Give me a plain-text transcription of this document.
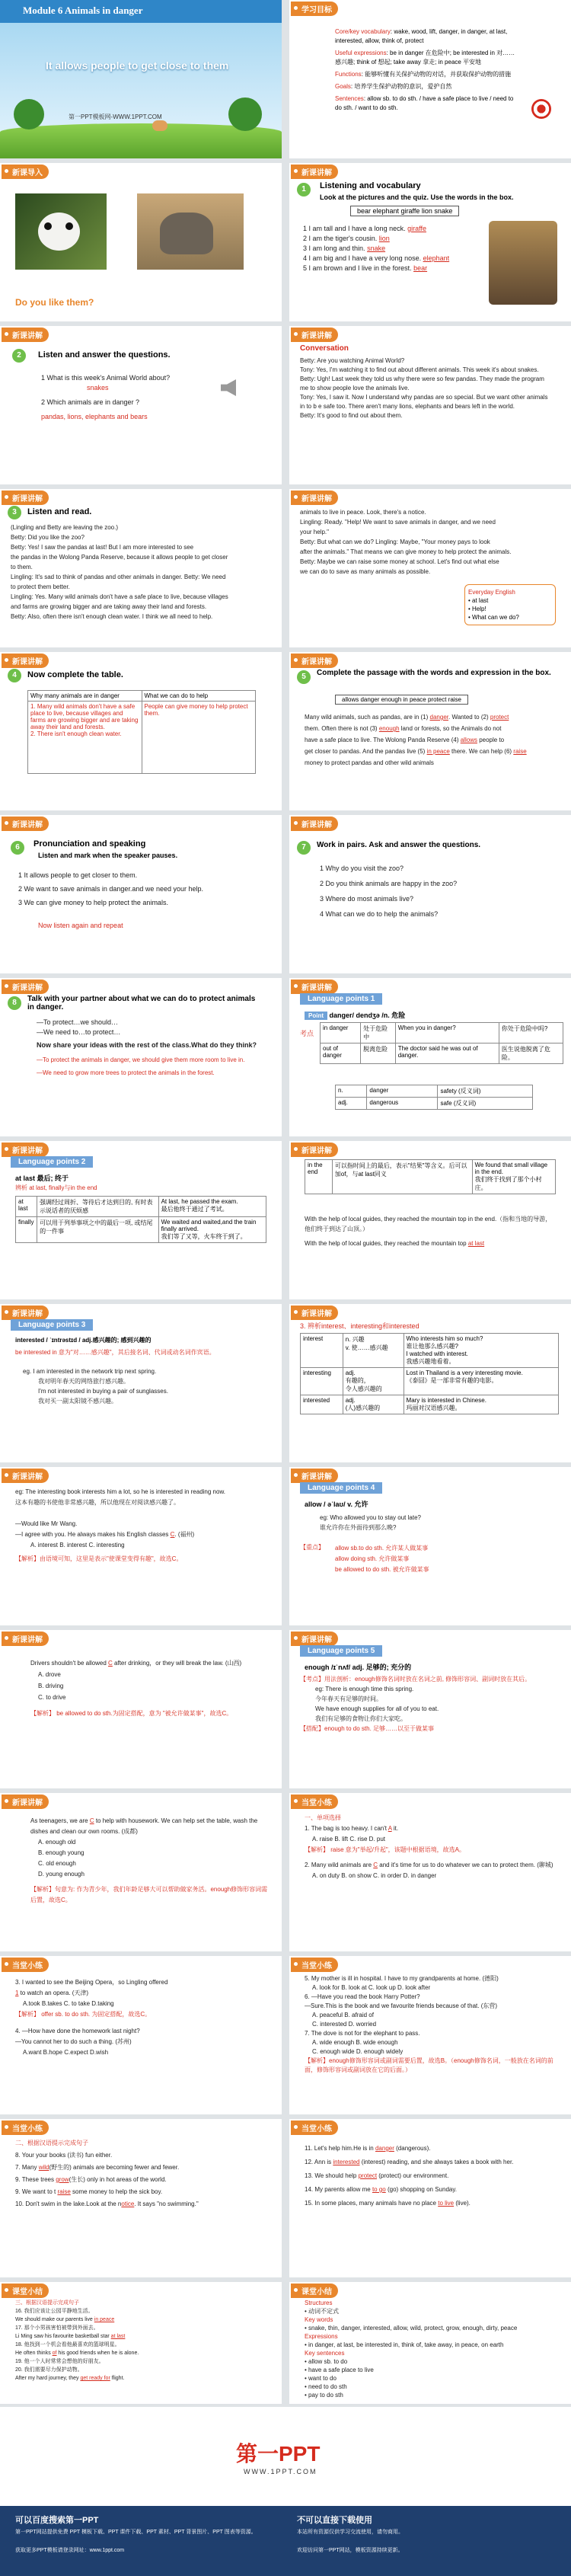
Module 6 Animals in danger
It allows people to get close to them
第一PPT模板网-WWW.1PPT.COM
学习目标
Core/key vocabulary: wake, wood, lift, danger, in danger, at last, interested, allow, think of, protect
Useful expressions: be in danger 在危险中; be interested in 对……感兴趣; think of 想起; take away 拿走; in peace 平安地
Functions: 能够听懂有关保护动物的对话，并获取保护动物的措施
Goals: 培养学生保护动物的意识，爱护自然
Sentences: allow sb. to do sth. / have a safe place to live / need to do sth. / want to do sth.
新课导入
Do you like them?
新课讲解
1	Listening and vocabulary
Look at the pictures and the quiz. Use the words in the box.
bear elephant giraffe lion snake
1 I am tall and I have a long neck. giraffe
2 I am the tiger's cousin. lion
3 I am long and thin. snake
4 I am big and I have a very long nose. elephant
5 I am brown and I live in the forest. bear
新课讲解
2	Listen and answer the questions.
1 What is this week's Animal World about?
snakes
2 Which animals are in danger ?
pandas, lions, elephants and bears
新课讲解
Conversation
Betty: Are you watching Animal World?
Tony: Yes, I'm watching it to find out about different animals. This week it's about snakes.
Betty: Ugh! Last week they told us why there were so few pandas. They made the program
me to show people love the animals live.
Tony: Yes, I saw it. Now I understand why pandas are so special. But we want other animals
in to b e safe too. There aren't many lions, elephants and bears left in the world.
Betty: It's good to find out about them.
新课讲解
3	Listen and read.
(Lingling and Betty are leaving the zoo.)
Betty: Did you like the zoo?
Betty: Yes! I saw the pandas at last! But I am more interested to see
the pandas in the Wolong Panda Reserve, because it allows people to get closer
to them.
Lingling: It's sad to think of pandas and other animals in danger. Betty: We need
to protect them better.
Lingling: Yes. Many wild animals don't have a safe place to live, because villages
and farms are growing bigger and are taking away their land and forests.
Betty: Also, often there isn't enough clean water. I think we all need to help.
新课讲解
animals to live in peace. Look, there's a notice.
Lingling: Ready. "Help! We want to save animals in danger, and we need
your help."
Betty: But what can we do? Lingling: Maybe, "Your money pays to look
after the animals." That means we can give money to help protect the animals.
Betty: Maybe we can raise some money at school. Let's find out what else
we can do to save as many animals as possible.
Everyday English
• at last
• Help!
• What can we do?
新课讲解
4	Now complete the table.
Why many animals are in danger	What we can do to help
1. Many wild animals don't have a safe place to live, because villages and farms are growing bigger and are taking away their land and forests.
2. There isn't enough clean water.	People can give money to help protect them.
新课讲解
5	Complete the passage with the words and expression in the box.
allows danger enough in peace protect raise
Many wild animals, such as pandas, are in (1) danger. Wanted to (2) protect
them. Often there is not (3) enough land or forests, so the Animals do not
have a safe place to live. The Wolong Panda Reserve (4) allows people to
get closer to pandas. And the pandas live (5) in peace there. We can help (6) raise
money to protect pandas and other wild animals
新课讲解
6	Pronunciation and speaking
Listen and mark when the speaker pauses.
1 It allows people to get closer to them.
2 We want to save animals in danger.and we need your help.
3 We can give money to help protect the animals.
Now listen again and repeat
新课讲解
7	Work in pairs. Ask and answer the questions.
1 Why do you visit the zoo?
2 Do you think animals are happy in the zoo?
3 Where do most animals live?
4 What can we do to help the animals?
新课讲解
8	Talk with your partner about what we can do to protect animals in danger.
—To protect…we should…
—We need to…to protect…
Now share your ideas with the rest of the class.What do they think?
—To protect the animals in danger, we should give them more room to live in.
—We need to grow more trees to protect the animals in the forest.
新课讲解
Language points 1
Point danger/ dendʒə /n. 危险
考点
in danger	处于危险中	When you in danger?	你处于危险中吗?
out of danger	脱离危险	The doctor said he was out of danger.	医生说他脱离了危险。
n.	danger	safety (反义词)
adj.	dangerous	safe (反义词)
新课讲解
Language points 2
at last 最后; 终于
辨析 at last, finally与in the end
at last	强调经过周折、等待后才达到目的, 有时表示说话者的厌烦感	At last, he passed the exam.
最后他终于通过了考试。
finally	可以用于列举事项之中的最后一项, 或结尾的一件事	We waited and waited,and the train finally arrived.
我们等了又等，火车终于到了。
新课讲解
in the end	可以指时间上的最后，表示"结果"等含义。后可以加of，与at last同义	We found that small village in the end.
我们终于找到了那个小村庄。
With the help of local guides, they reached the mountain top in the end.（指和当地的导游，他们终于到达了山顶。）
With the help of local guides, they reached the mountain top at last
新课讲解
Language points 3
interested / ˈɪntrəstɪd / adj.感兴趣的; 感到兴趣的
be interested in 意为"对……感兴趣"，其后接名词、代词或动名词作宾语。
eg. I am interested in the network trip next spring.
我对明年春天的网络旅行感兴趣。
I'm not interested in buying a pair of sunglasses.
我对买一副太阳镜不感兴趣。
新课讲解
3. 辨析interest、interesting和interested
interest	n. 兴趣
v. 使……感兴趣	Who interests him so much?
谁让他那么感兴趣?
I watched with interest.
我感兴趣地看着。
interesting	adj.
有趣的，
令人感兴趣的	Lost in Thailand is a very interesting movie.
《泰囧》是一部非常有趣的电影。
interested	adj.
(人)感兴趣的	Mary is interested in Chinese.
玛丽对汉语感兴趣。
新课讲解
eg: The interesting book interests him a lot, so he is interested in reading now.
这本有趣的书使他非常感兴趣，所以他现在对阅读感兴趣了。
—Would like Mr Wang.
—I agree with you. He always makes his English classes C. (福州)
A. interest B. interest C. interesting
【解析】由语境可知，这里是表示"使课堂变得有趣"，故选C。
新课讲解
Language points 4
allow / əˈlaʊ/ v. 允许
eg: Who allowed you to stay out late?
谁允许你在外面待到那么晚?
【重点】 allow sb.to do sth. 允许某人做某事
allow doing sth. 允许做某事
be allowed to do sth. 被允许做某事
新课讲解
Drivers shouldn't be allowed C after drinking，or they will break the law. (山西)
A. drove
B. driving
C. to drive
【解析】 be allowed to do sth.为固定搭配，意为 "被允许做某事"，故选C。
新课讲解
Language points 5
enough /ɪˈnʌf/ adj. 足够的; 充分的
【考点】用法剖析：enough修饰名词时放在名词之前, 修饰形容词、副词时放在其后。
eg: There is enough time this spring.
今年春天有足够的时间。
We have enough supplies for all of you to eat.
我们有足够的食物让你们大家吃。
【搭配】enough to do sth. 足够……以至于做某事
新课讲解
As teenagers, we are C to help with housework. We can help set the table, wash the dishes and clean our own rooms. (成都)
A. enough old
B. enough young
C. old enough
D. young enough
【解析】句意为: 作为青少年，我们年龄足够大可以帮助做家务活。enough修饰形容词需后置，故选C。
当堂小练
一、单项选择
1. The bag is too heavy. I can't A it.
A. raise B. lift C. rise D. put
【解析】 raise 意为"举起/升起"，该题中根据语境，故选A。
2. Many wild animals are C and it's time for us to do whatever we can to protect them. (聊城)
A. on duty B. on show C. in order D. in danger
当堂小练
3. I wanted to see the Beijing Opera，so Lingling offered
1 to watch an opera. (天津)
A.took B.takes C. to take D.taking
【解析】 offer sb. to do sth. 为固定搭配，故选C。
4. —How have done the homework last night?
—You cannot her to do such a thing. (苏州)
A.want B.hope C.expect D.wish
当堂小练
5. My mother is ill in hospital. I have to my grandparents at home. (德阳)
A. look for B. look at C. look up D. look after
6. —Have you read the book Harry Potter?
—Sure.This is the book and we favourite friends because of that. (东营)
A. peaceful B. afraid of
C. interested D. worried
7. The dove is not for the elephant to pass.
A. wide enough B. wide enough
C. enough wide D. enough widely
【解析】enough修饰形容词或副词需要后置，故选B。（enough修饰名词，一般放在名词的前面，修饰形容词或副词放在它的后面。）
当堂小练
二、根据汉语提示完成句子
8. Your your books (读书) fun either.
7. Many wild(野生的) animals are becoming fewer and fewer.
9. These trees grow(生长) only in hot areas of the world.
9. We want to t raise some money to help the sick boy.
10. Don't swim in the lake.Look at the notice. It says "no swimming."
当堂小练
11. Let's help him.He is in danger (dangerous).
12. Ann is interested (interest) reading, and she always takes a book with her.
13. We should help protect (protect) our environment.
14. My parents allow me to go (go) shopping on Sunday.
15. In some places, many animals have no place to live (live).
课堂小结
三、根据汉语提示完成句子
16. 我们应该让公园平静地生活。
We should make our parents live in peace
17. 那个小男孩害怕被带到外面去。
Li Ming saw his favourite basketball star at last
18. 他找到一个机会看他最喜欢的篮球明星。
He often thinks of his good friends when he is alone.
19. 他一个人时常常会想他的好朋友。
20. 我们需要尽力保护动物。
After my hard journey, they get ready for flight.
课堂小结
Structures
• 动词不定式
Key words
• snake, thin, danger, interested, allow, wild, protect, grow, enough, dirty, peace
Expressions
• in danger, at last, be interested in, think of, take away, in peace, on earth
Key sentences
• allow sb. to do
• have a safe place to live
• want to do
• need to do sth
• pay to do sth
第一PPT
WWW.1PPT.COM
可以百度搜索第一PPT
第一PPT网站提供免费 PPT 模板下载、PPT 课件下载、PPT 素材、PPT 背景图片、PPT 图表等资源。
获取更多PPT模板请登录网址：www.1ppt.com
不可以直接下载使用
本站所有资源仅供学习交流使用，请勿商用。
欢迎访问第一PPT网站，模板资源持续更新。
